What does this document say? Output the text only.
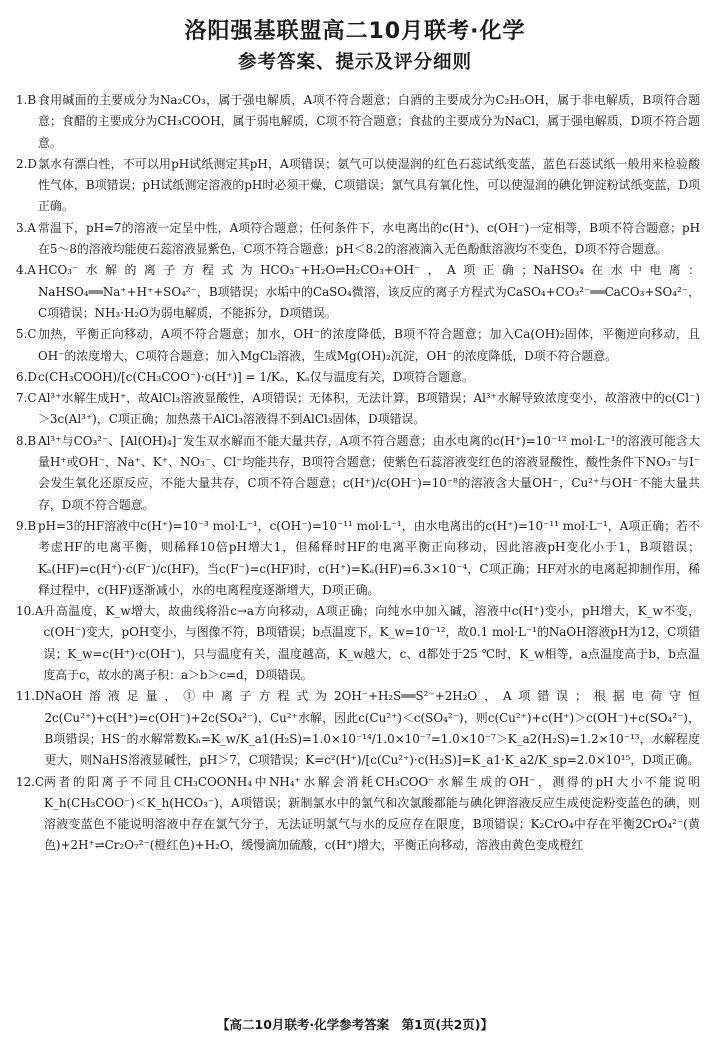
洛阳强基联盟高二10月联考·化学
参考答案、提示及评分细则
1.B 食用碱面的主要成分为Na₂CO₃，属于强电解质，A项不符合题意；白酒的主要成分为C₂H₅OH，属于非电解质，B项符合题意；食醋的主要成分为CH₃COOH，属于弱电解质，C项不符合题意；食盐的主要成分为NaCl，属于强电解质，D项不符合题意。
2.D 氯水有漂白性，不可以用pH试纸测定其pH，A项错误；氨气可以使湿润的红色石蕊试纸变蓝，蓝色石蕊试纸一般用来检验酸性气体，B项错误；pH试纸测定溶液的pH时必须干燥，C项错误；氯气具有氧化性，可以使湿润的碘化钾淀粉试纸变蓝，D项正确。
3.A 常温下，pH=7的溶液一定呈中性，A项符合题意；任何条件下，水电离出的c(H⁺)、c(OH⁻)一定相等，B项不符合题意；pH在5～8的溶液均能使石蕊溶液显紫色，C项不符合题意；pH＜8.2的溶液滴入无色酚酞溶液均不变色，D项不符合题意。
4.A HCO₃⁻水解的离子方程式为HCO₃⁻+H₂O⇌H₂CO₃+OH⁻，A项正确；NaHSO₄在水中电离：NaHSO₄══Na⁺+H⁺+SO₄²⁻，B项错误；水垢中的CaSO₄微溶，该反应的离子方程式为CaSO₄+CO₃²⁻══CaCO₃+SO₄²⁻，C项错误；NH₃·H₂O为弱电解质，不能拆分，D项错误。
5.C 加热，平衡正向移动，A项不符合题意；加水，OH⁻的浓度降低，B项不符合题意；加入Ca(OH)₂固体，平衡逆向移动，且OH⁻的浓度增大，C项符合题意；加入MgCl₂溶液，生成Mg(OH)₂沉淀，OH⁻的浓度降低，D项不符合题意。
6.D c(CH₃COOH)/[c(CH₃COO⁻)·c(H⁺)] = 1/Kₐ，Kₐ仅与温度有关，D项符合题意。
7.C Al³⁺水解生成H⁺，故AlCl₃溶液显酸性，A项错误；无体积，无法计算，B项错误；Al³⁺水解导致浓度变小，故溶液中的c(Cl⁻)＞3c(Al³⁺)，C项正确；加热蒸干AlCl₃溶液得不到AlCl₃固体，D项错误。
8.B Al³⁺与CO₃²⁻、[Al(OH)₄]⁻发生双水解而不能大量共存，A项不符合题意；由水电离的c(H⁺)=10⁻¹² mol·L⁻¹的溶液可能含大量H⁺或OH⁻，Na⁺、K⁺、NO₃⁻、Cl⁻均能共存，B项符合题意；使紫色石蕊溶液变红色的溶液显酸性，酸性条件下NO₃⁻与I⁻会发生氧化还原反应，不能大量共存，C项不符合题意；c(H⁺)/c(OH⁻)=10⁻⁸的溶液含大量OH⁻，Cu²⁺与OH⁻不能大量共存，D项不符合题意。
9.B pH=3的HF溶液中c(H⁺)=10⁻³ mol·L⁻¹，c(OH⁻)=10⁻¹¹ mol·L⁻¹，由水电离出的c(H⁺)=10⁻¹¹ mol·L⁻¹，A项正确；若不考虑HF的电离平衡，则稀释10倍pH增大1，但稀释时HF的电离平衡正向移动，因此溶液pH变化小于1，B项错误；Kₐ(HF)=c(H⁺)·c(F⁻)/c(HF)，当c(F⁻)=c(HF)时，c(H⁺)=Kₐ(HF)=6.3×10⁻⁴，C项正确；HF对水的电离起抑制作用，稀释过程中，c(HF)逐渐减小，水的电离程度逐渐增大，D项正确。
10.A 升高温度，K_w增大，故曲线将沿c→a方向移动，A项正确；向纯水中加入碱，溶液中c(H⁺)变小，pH增大，K_w不变，c(OH⁻)变大，pOH变小，与图像不符，B项错误；b点温度下，K_w=10⁻¹²，故0.1 mol·L⁻¹的NaOH溶液pH为12，C项错误；K_w=c(H⁺)·c(OH⁻)，只与温度有关，温度越高，K_w越大，c、d都处于25 ℃时，K_w相等，a点温度高于b，b点温度高于c，故水的离子积：a＞b＞c=d，D项错误。
11.D NaOH溶液足量，①中离子方程式为2OH⁻+H₂S══S²⁻+2H₂O，A项错误；根据电荷守恒2c(Cu²⁺)+c(H⁺)=c(OH⁻)+2c(SO₄²⁻)，Cu²⁺水解，因此c(Cu²⁺)＜c(SO₄²⁻)，则c(Cu²⁺)+c(H⁺)＞c(OH⁻)+c(SO₄²⁻)，B项错误；HS⁻的水解常数Kₕ=K_w/K_a1(H₂S)=1.0×10⁻¹⁴/1.0×10⁻⁷=1.0×10⁻⁷＞K_a2(H₂S)=1.2×10⁻¹³，水解程度更大，则NaHS溶液显碱性，pH＞7，C项错误；K=c²(H⁺)/[c(Cu²⁺)·c(H₂S)]=K_a1·K_a2/K_sp=2.0×10¹⁵，D项正确。
12.C 两者的阳离子不同且CH₃COONH₄中NH₄⁺水解会消耗CH₃COO⁻水解生成的OH⁻，测得的pH大小不能说明K_h(CH₃COO⁻)＜K_h(HCO₃⁻)，A项错误；新制氯水中的氯气和次氯酸都能与碘化钾溶液反应生成使淀粉变蓝色的碘，则溶液变蓝色不能说明溶液中存在氯气分子，无法证明氯气与水的反应存在限度，B项错误；K₂CrO₄中存在平衡2CrO₄²⁻(黄色)+2H⁺⇌Cr₂O₇²⁻(橙红色)+H₂O，缓慢滴加硫酸，c(H⁺)增大，平衡正向移动，溶液由黄色变成橙红
【高二10月联考·化学参考答案　第1页(共2页)】
